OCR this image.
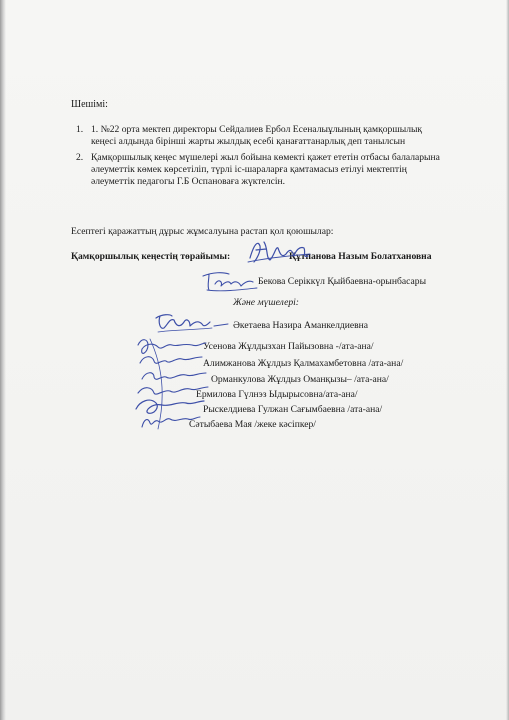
Шешімі:
1. 1. №22 орта мектеп директоры Сейдалиев Ербол Есеналыұлының қамқоршылық
кеңесі алдында бірінші жарты жылдық есебі қанағаттанарлық деп танылсын
2. Қамқоршылық кеңес мүшелері жыл бойына көмекті қажет ететін отбасы балаларына
әлеуметтік көмек көрсетіліп, түрлі іс-шараларға қамтамасыз етілуі мектептің
әлеуметтік педагогы Г.Б Оспановаға жүктелсін.
Есептегі қаражаттың дұрыс жұмсалуына растап қол қоюшылар:
Қамқоршылық кеңестің төрайымы:	Құтпанова Назым Болатхановна
Бекова Серіккүл Қыйбаевна-орынбасары
Және мүшелері:
Әкетаева Назира Аманкелдиевна
Усенова Жұлдызхан Пайызовна -/ата-ана/
Алимжанова Жұлдыз Қалмахамбетовна /ата-ана/
Орманкулова Жұлдыз Оманқызы– /ата-ана/
Ермилова Гүлнэз Ыдырысовна/ата-ана/
Рыскелдиева Гулжан Сағымбаевна /ата-ана/
Сәтыбаева Мая /жеке кәсіпкер/
